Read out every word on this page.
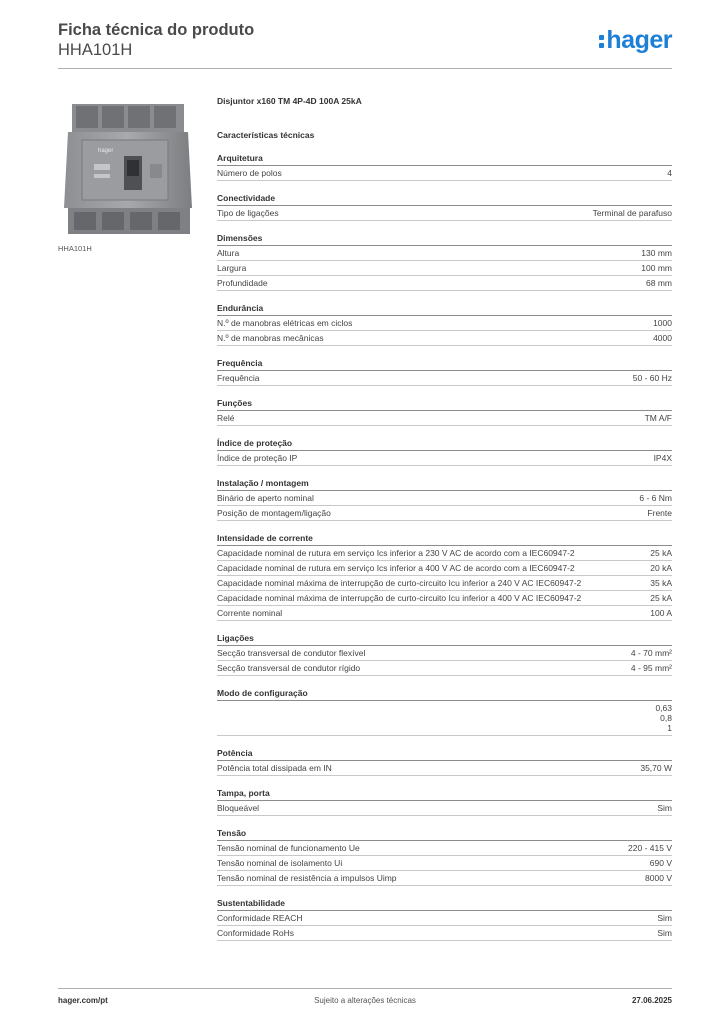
Ficha técnica do produto
HHA101H	hager
hager
HHA101H
Disjuntor x160 TM 4P-4D 100A 25kA
Características técnicas
Arquitetura
Número de polos	4
Conectividade
Tipo de ligações	Terminal de parafuso
Dimensões
Altura	130 mm
Largura	100 mm
Profundidade	68 mm
Endurância
N.º de manobras elétricas em ciclos	1000
N.º de manobras mecânicas	4000
Frequência
Frequência	50 - 60 Hz
Funções
Relé	TM A/F
Índice de proteção
Índice de proteção IP	IP4X
Instalação / montagem
Binário de aperto nominal	6 - 6 Nm
Posição de montagem/ligação	Frente
Intensidade de corrente
Capacidade nominal de rutura em serviço Ics inferior a 230 V AC de acordo com a IEC60947-2	25 kA
Capacidade nominal de rutura em serviço Ics inferior a 400 V AC de acordo com a IEC60947-2	20 kA
Capacidade nominal máxima de interrupção de curto-circuito Icu inferior a 240 V AC IEC60947-2	35 kA
Capacidade nominal máxima de interrupção de curto-circuito Icu inferior a 400 V AC IEC60947-2	25 kA
Corrente nominal	100 A
Ligações
Secção transversal de condutor flexível	4 - 70 mm²
Secção transversal de condutor rígido	4 - 95 mm²
Modo de configuração
0,63
0,8
1
Potência
Potência total dissipada em IN	35,70 W
Tampa, porta
Bloqueável	Sim
Tensão
Tensão nominal de funcionamento Ue	220 - 415 V
Tensão nominal de isolamento Ui	690 V
Tensão nominal de resistência a impulsos Uimp	8000 V
Sustentabilidade
Conformidade REACH	Sim
Conformidade RoHs	Sim
hager.com/pt	Sujeito a alterações técnicas	27.06.2025
